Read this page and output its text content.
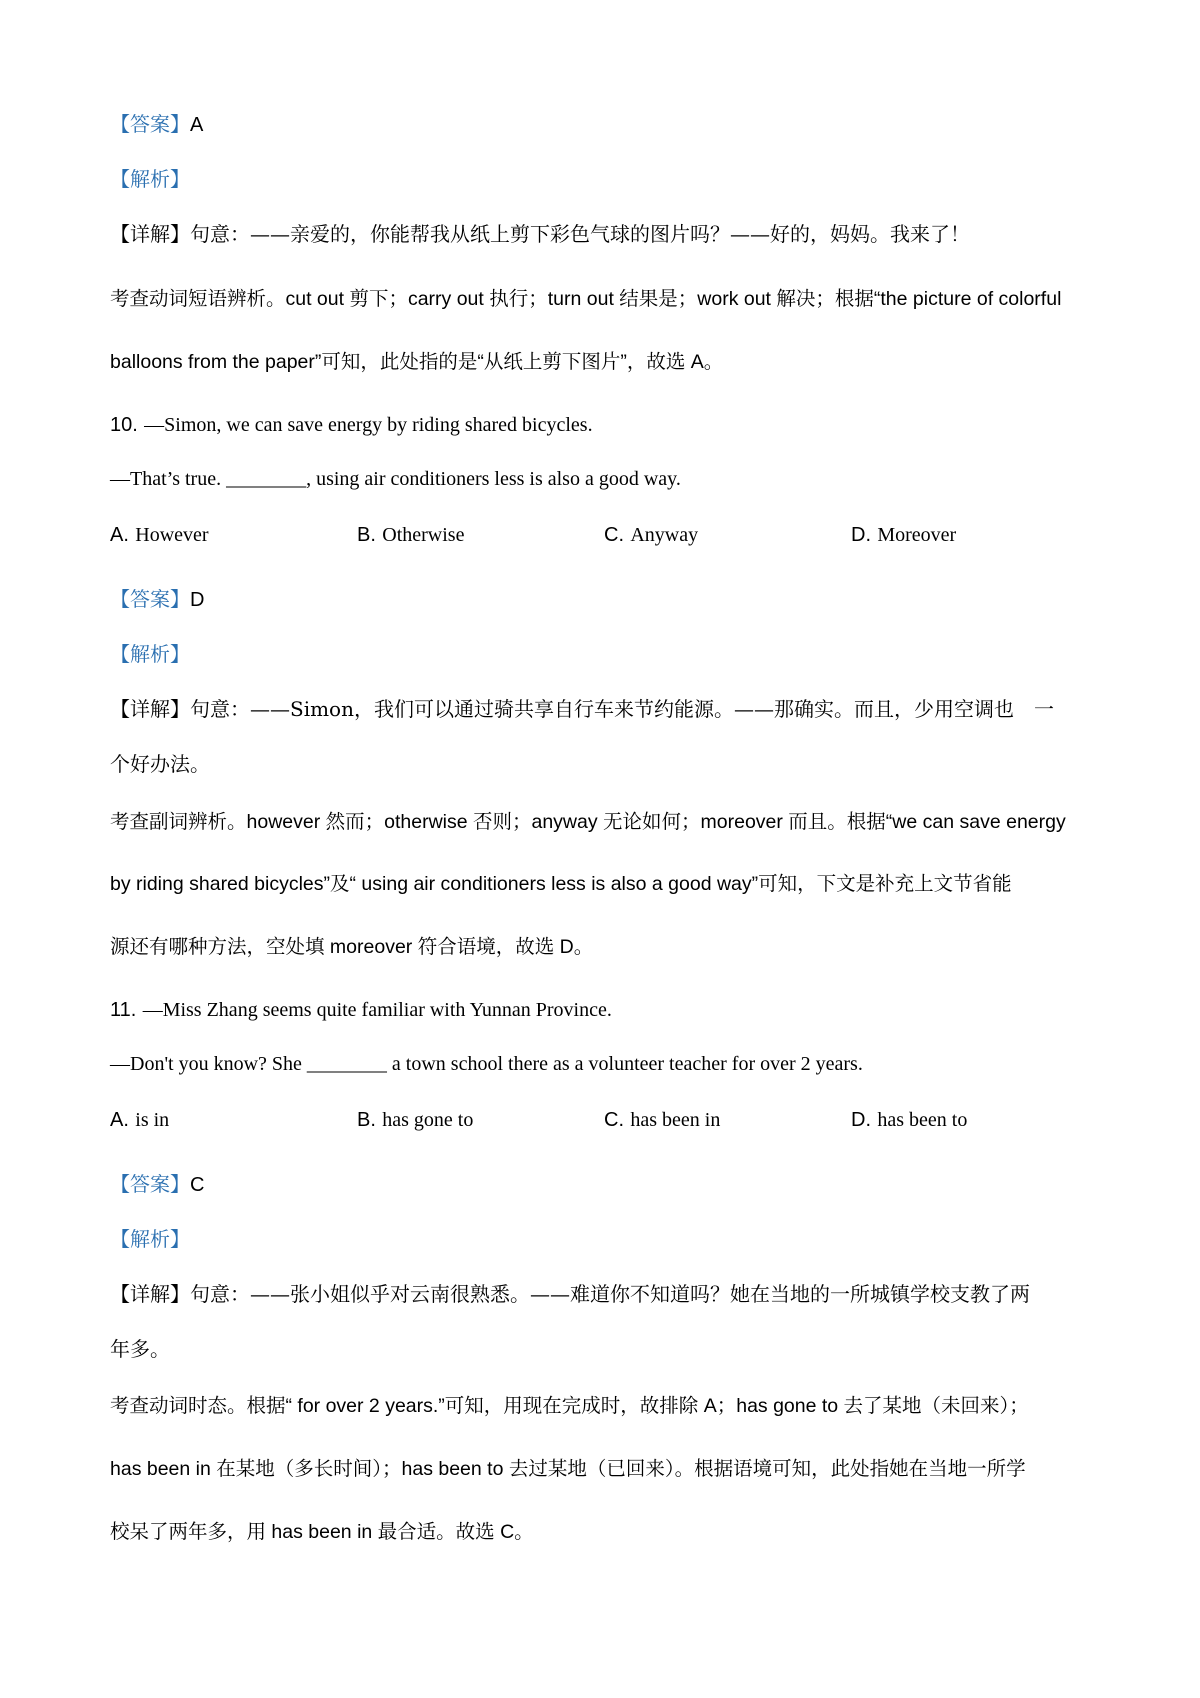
【答案】A
【解析】
【详解】句意：——亲爱的，你能帮我从纸上剪下彩色气球的图片吗？——好的，妈妈。我来了！
考查动词短语辨析。cut out 剪下；carry out 执行；turn out 结果是；work out 解决；根据“the picture of colorful
balloons from the paper”可知，此处指的是“从纸上剪下图片”，故选 A。
10. —Simon, we can save energy by riding shared bicycles.
—That’s true. ________, using air conditioners less is also a good way.
A. However	B. Otherwise	C. Anyway	D. Moreover
【答案】D
【解析】
【详解】句意：——Simon，我们可以通过骑共享自行车来节约能源。——那确实。而且，少用空调也　一
个好办法。
考查副词辨析。however 然而；otherwise 否则；anyway 无论如何；moreover 而且。根据“we can save energy
by riding shared bicycles”及“ using air conditioners less is also a good way”可知，下文是补充上文节省能
源还有哪种方法，空处填 moreover 符合语境，故选 D。
11. —Miss Zhang seems quite familiar with Yunnan Province.
—Don't you know? She ________ a town school there as a volunteer teacher for over 2 years.
A. is in	B. has gone to	C. has been in	D. has been to
【答案】C
【解析】
【详解】句意：——张小姐似乎对云南很熟悉。——难道你不知道吗？她在当地的一所城镇学校支教了两
年多。
考查动词时态。根据“ for over 2 years.”可知，用现在完成时，故排除 A；has gone to 去了某地（未回来）；
has been in 在某地（多长时间）；has been to 去过某地（已回来）。根据语境可知，此处指她在当地一所学
校呆了两年多，用 has been in 最合适。故选 C。
